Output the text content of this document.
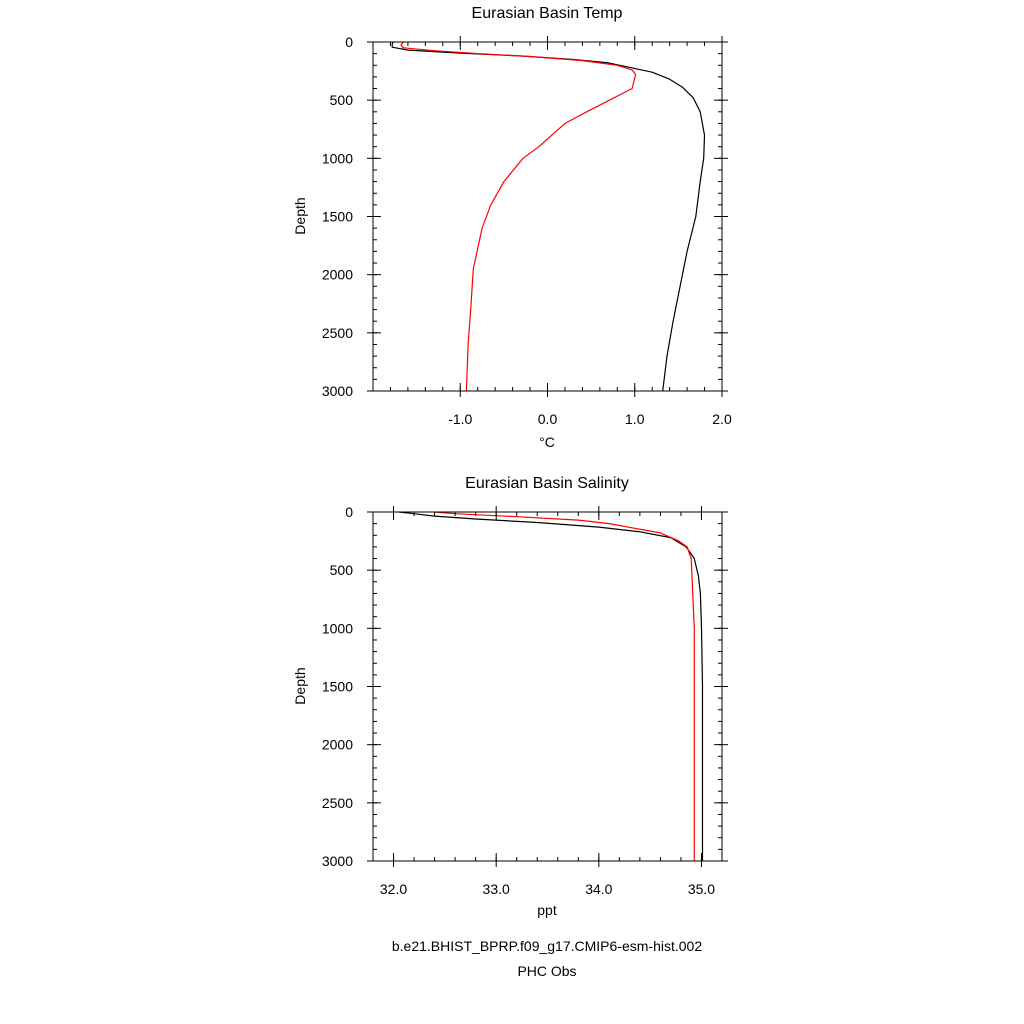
Eurasian Basin Temp
-1.0	0.0	1.0	2.0
0
500
1000
1500
2000
2500
3000
°C
Depth
Eurasian Basin Salinity
32.0	33.0	34.0	35.0
0
500
1000
1500
2000
2500
3000
ppt
Depth
b.e21.BHIST_BPRP.f09_g17.CMIP6-esm-hist.002
PHC Obs
